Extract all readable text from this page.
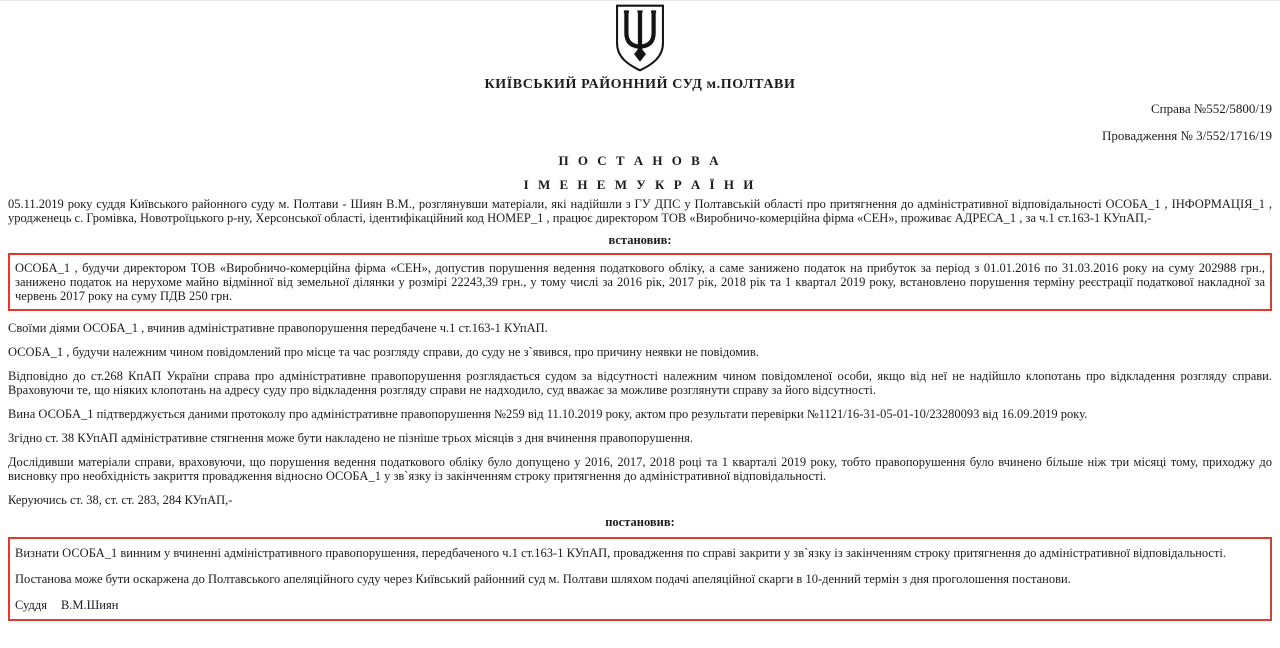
КИЇВСЬКИЙ РАЙОННИЙ СУД м.ПОЛТАВИ
Справа №552/5800/19
Провадження № 3/552/1716/19
П О С Т А Н О В А
І М Е Н Е М У К Р А Ї Н И

05.11.2019 року суддя Київського районного суду м. Полтави - Шиян В.М., розглянувши матеріали, які надійшли з ГУ ДПС у Полтавській області про притягнення до адміністративної відповідальності ОСОБА_1 , ІНФОРМАЦІЯ_1 , уродженець с. Громівка, Новотроїцького р-ну, Херсонської області, ідентифікаційний код НОМЕР_1 , працює директором ТОВ «Виробничо-комерційна фірма «СЕН», проживає АДРЕСА_1 , за ч.1 ст.163-1 КУпАП,-

встановив:

ОСОБА_1 , будучи директором ТОВ «Виробничо-комерційна фірма «СЕН», допустив порушення ведення податкового обліку, а саме занижено податок на прибуток за період з 01.01.2016 по 31.03.2016 року на суму 202988 грн., занижено податок на нерухоме майно відмінної від земельної ділянки у розмірі 22243,39 грн., у тому числі за 2016 рік, 2017 рік, 2018 рік та 1 квартал 2019 року, встановлено порушення терміну реєстрації податкової накладної за червень 2017 року на суму ПДВ 250 грн.

Своїми діями ОСОБА_1 , вчинив адміністративне правопорушення передбачене ч.1 ст.163-1 КУпАП.

ОСОБА_1 , будучи належним чином повідомлений про місце та час розгляду справи, до суду не з`явився, про причину неявки не повідомив.

Відповідно до ст.268 КпАП України справа про адміністративне правопорушення розглядається судом за відсутності належним чином повідомленої особи, якщо від неї не надійшло клопотань про відкладення розгляду справи. Враховуючи те, що ніяких клопотань на адресу суду про відкладення розгляду справи не надходило, суд вважає за можливе розглянути справу за його відсутності.

Вина ОСОБА_1 підтверджується даними протоколу про адміністративне правопорушення №259 від 11.10.2019 року, актом про результати перевірки №1121/16-31-05-01-10/23280093 від 16.09.2019 року.

Згідно ст. 38 КУпАП адміністративне стягнення може бути накладено не пізніше трьох місяців з дня вчинення правопорушення.

Дослідивши матеріали справи, враховуючи, що порушення ведення податкового обліку було допущено у 2016, 2017, 2018 році та 1 кварталі 2019 року, тобто правопорушення було вчинено більше ніж три місяці тому, приходжу до висновку про необхідність закриття провадження відносно ОСОБА_1 у зв`язку із закінченням строку притягнення до адміністративної відповідальності.

Керуючись ст. 38, ст. ст. 283, 284 КУпАП,-

постановив:

Визнати ОСОБА_1 винним у вчиненні адміністративного правопорушення, передбаченого ч.1 ст.163-1 КУпАП, провадження по справі закрити у зв`язку із закінченням строку притягнення до адміністративної відповідальності.

Постанова може бути оскаржена до Полтавського апеляційного суду через Київський районний суд м. Полтави шляхом подачі апеляційної скарги в 10-денний термін з дня проголошення постанови.

Суддя В.М.Шиян
